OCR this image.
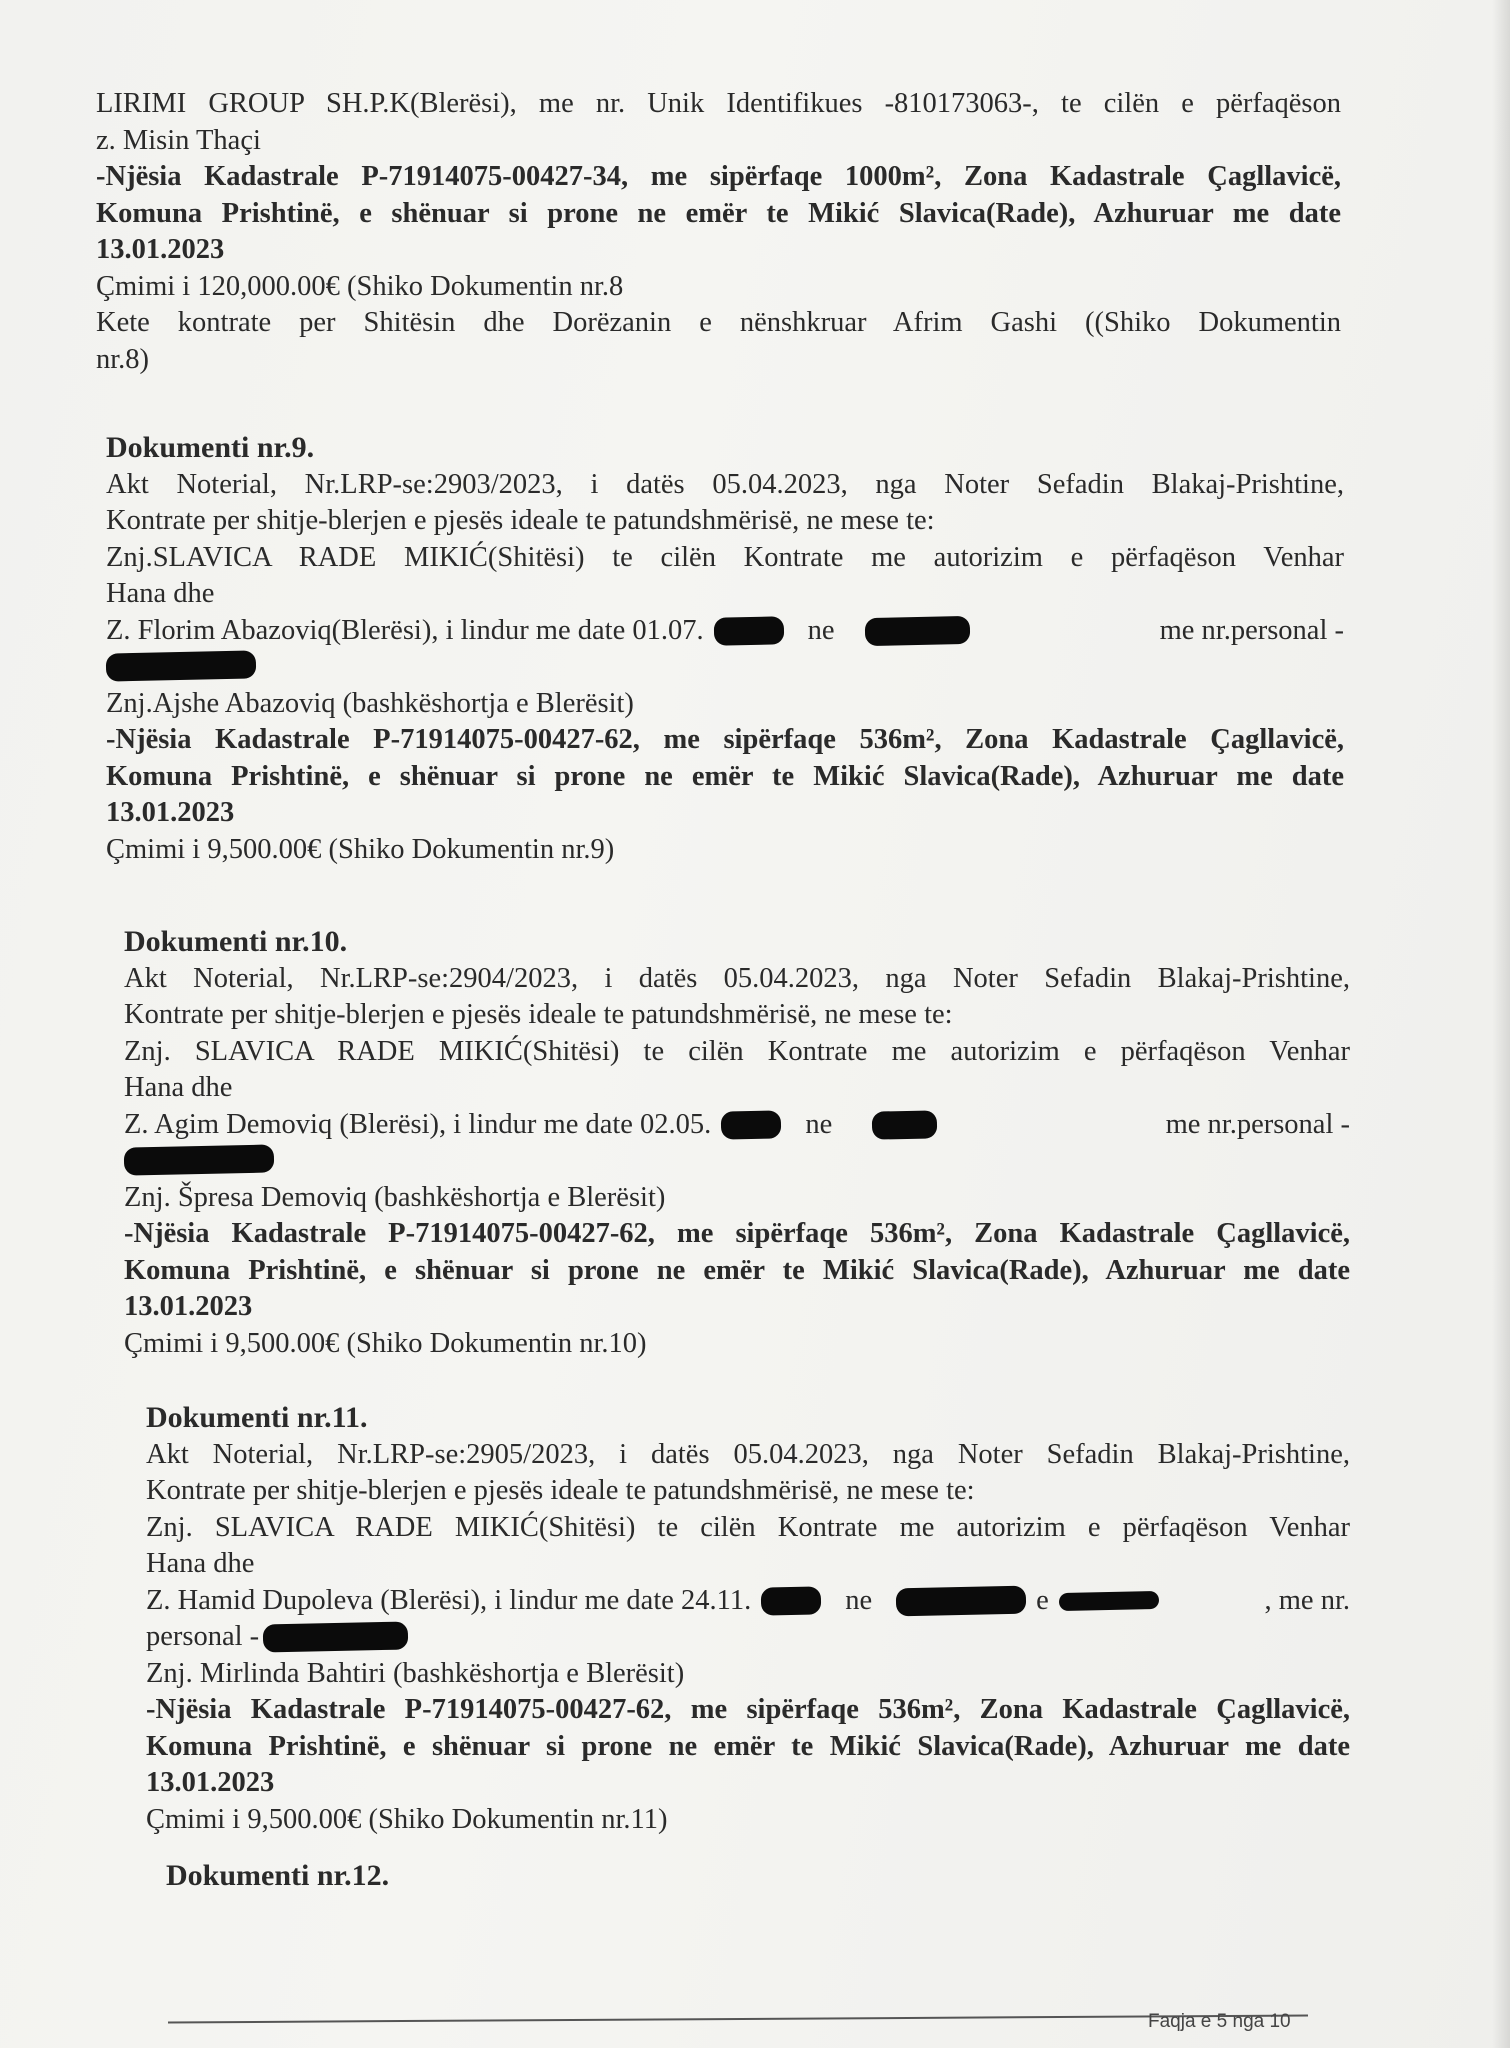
LIRIMI GROUP SH.P.K(Blerësi), me nr. Unik Identifikues -810173063-, te cilën e përfaqëson
z. Misin Thaçi
-Njësia Kadastrale P-71914075-00427-34, me sipërfaqe 1000m², Zona Kadastrale Çagllavicë,
Komuna Prishtinë, e shënuar si prone ne emër te Mikić Slavica(Rade), Azhuruar me date
13.01.2023
Çmimi i 120,000.00€ (Shiko Dokumentin nr.8
Kete kontrate per Shitësin dhe Dorëzanin e nënshkruar Afrim Gashi ((Shiko Dokumentin
nr.8)
Dokumenti nr.9.
Akt Noterial, Nr.LRP-se:2903/2023, i datës 05.04.2023, nga Noter Sefadin Blakaj-Prishtine,
Kontrate per shitje-blerjen e pjesës ideale te patundshmërisë, ne mese te:
Znj.SLAVICA RADE MIKIĆ(Shitësi) te cilën Kontrate me autorizim e përfaqëson Venhar
Hana dhe
Z. Florim Abazoviq(Blerësi), i lindur me date 01.07.	ne	me nr.personal -
Znj.Ajshe Abazoviq (bashkëshortja e Blerësit)
-Njësia Kadastrale P-71914075-00427-62, me sipërfaqe 536m², Zona Kadastrale Çagllavicë,
Komuna Prishtinë, e shënuar si prone ne emër te Mikić Slavica(Rade), Azhuruar me date
13.01.2023
Çmimi i 9,500.00€ (Shiko Dokumentin nr.9)
Dokumenti nr.10.
Akt Noterial, Nr.LRP-se:2904/2023, i datës 05.04.2023, nga Noter Sefadin Blakaj-Prishtine,
Kontrate per shitje-blerjen e pjesës ideale te patundshmërisë, ne mese te:
Znj. SLAVICA RADE MIKIĆ(Shitësi) te cilën Kontrate me autorizim e përfaqëson Venhar
Hana dhe
Z. Agim Demoviq (Blerësi), i lindur me date 02.05.	ne	me nr.personal -
Znj. Špresa Demoviq (bashkëshortja e Blerësit)
-Njësia Kadastrale P-71914075-00427-62, me sipërfaqe 536m², Zona Kadastrale Çagllavicë,
Komuna Prishtinë, e shënuar si prone ne emër te Mikić Slavica(Rade), Azhuruar me date
13.01.2023
Çmimi i 9,500.00€ (Shiko Dokumentin nr.10)
Dokumenti nr.11.
Akt Noterial, Nr.LRP-se:2905/2023, i datës 05.04.2023, nga Noter Sefadin Blakaj-Prishtine,
Kontrate per shitje-blerjen e pjesës ideale te patundshmërisë, ne mese te:
Znj. SLAVICA RADE MIKIĆ(Shitësi) te cilën Kontrate me autorizim e përfaqëson Venhar
Hana dhe
Z. Hamid Dupoleva (Blerësi), i lindur me date 24.11.	ne	e	, me nr.
personal -
Znj. Mirlinda Bahtiri (bashkëshortja e Blerësit)
-Njësia Kadastrale P-71914075-00427-62, me sipërfaqe 536m², Zona Kadastrale Çagllavicë,
Komuna Prishtinë, e shënuar si prone ne emër te Mikić Slavica(Rade), Azhuruar me date
13.01.2023
Çmimi i 9,500.00€ (Shiko Dokumentin nr.11)
Dokumenti nr.12.
Faqja e 5 nga 10
